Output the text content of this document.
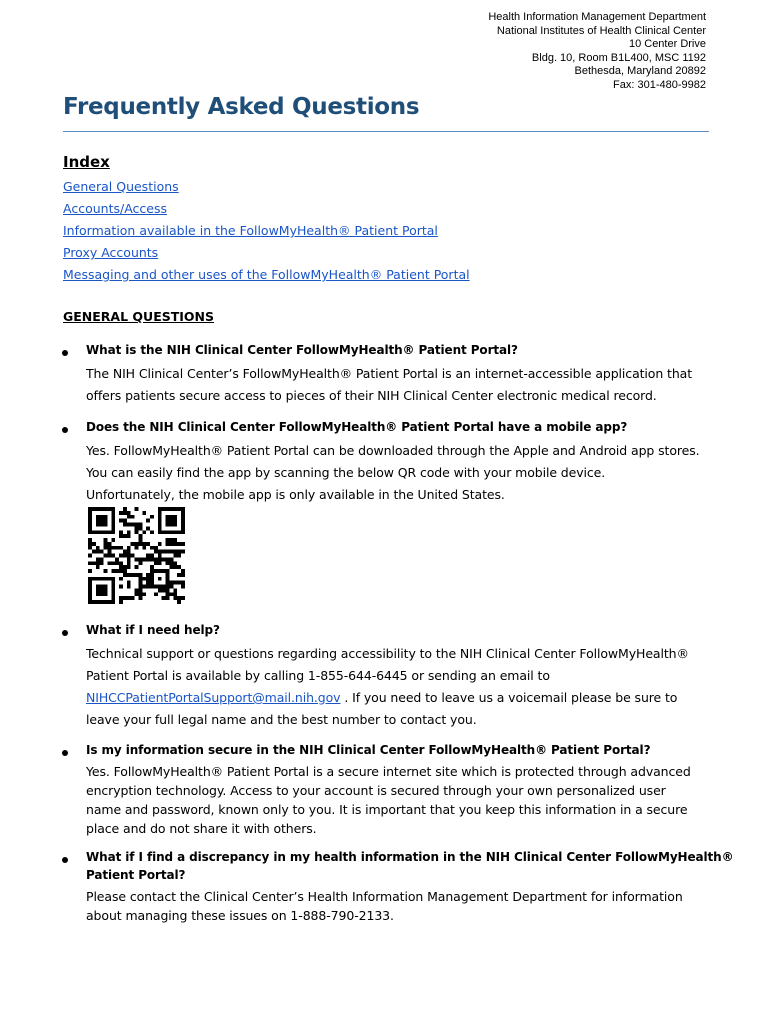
Health Information Management Department
National Institutes of Health Clinical Center
10 Center Drive
Bldg. 10, Room B1L400, MSC 1192
Bethesda, Maryland 20892
Fax: 301-480-9982
Frequently Asked Questions
Index
General Questions
Accounts/Access
Information available in the FollowMyHealth® Patient Portal
Proxy Accounts
Messaging and other uses of the FollowMyHealth® Patient Portal
GENERAL QUESTIONS
What is the NIH Clinical Center FollowMyHealth® Patient Portal?
The NIH Clinical Center’s FollowMyHealth® Patient Portal is an internet-accessible application that
offers patients secure access to pieces of their NIH Clinical Center electronic medical record.
Does the NIH Clinical Center FollowMyHealth® Patient Portal have a mobile app?
Yes. FollowMyHealth® Patient Portal can be downloaded through the Apple and Android app stores.
You can easily find the app by scanning the below QR code with your mobile device.
Unfortunately, the mobile app is only available in the United States.
What if I need help?
Technical support or questions regarding accessibility to the NIH Clinical Center FollowMyHealth®
Patient Portal is available by calling 1-855-644-6445 or sending an email to
NIHCCPatientPortalSupport@mail.nih.gov . If you need to leave us a voicemail please be sure to
leave your full legal name and the best number to contact you.
Is my information secure in the NIH Clinical Center FollowMyHealth® Patient Portal?
Yes. FollowMyHealth® Patient Portal is a secure internet site which is protected through advanced
encryption technology. Access to your account is secured through your own personalized user
name and password, known only to you. It is important that you keep this information in a secure
place and do not share it with others.
What if I find a discrepancy in my health information in the NIH Clinical Center FollowMyHealth®
Patient Portal?
Please contact the Clinical Center’s Health Information Management Department for information
about managing these issues on 1-888-790-2133.
